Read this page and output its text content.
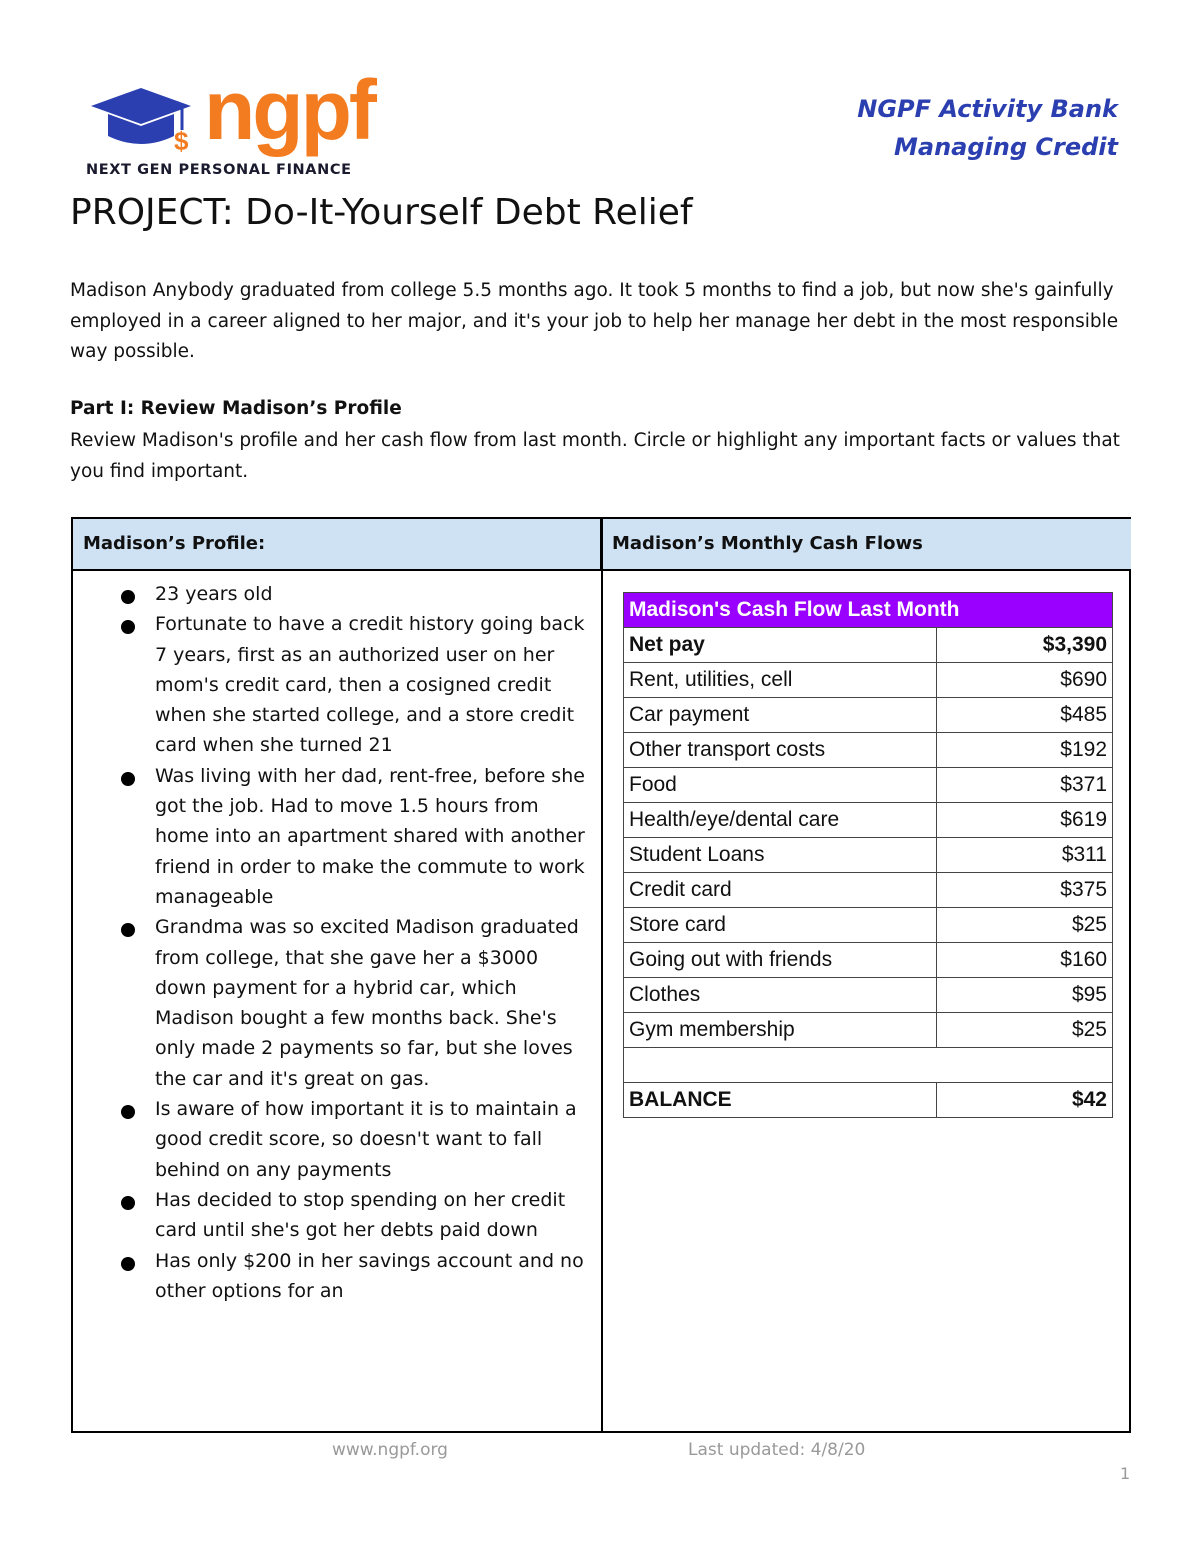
$ ngpf
NEXT GEN PERSONAL FINANCE
NGPF Activity Bank
Managing Credit
PROJECT: Do-It-Yourself Debt Relief

Madison Anybody graduated from college 5.5 months ago. It took 5 months to find a job, but now she's gainfully employed in a career aligned to her major, and it's your job to help her manage her debt in the most responsible way possible.

Part I: Review Madison’s Profile

Review Madison's profile and her cash flow from last month. Circle or highlight any important facts or values that you find important.

Madison’s Profile:	Madison’s Monthly Cash Flows
23 years old
Fortunate to have a credit history going back 7 years, first as an authorized user on her mom's credit card, then a cosigned credit when she started college, and a store credit card when she turned 21
Was living with her dad, rent-free, before she got the job. Had to move 1.5 hours from home into an apartment shared with another friend in order to make the commute to work manageable
Grandma was so excited Madison graduated from college, that she gave her a $3000 down payment for a hybrid car, which Madison bought a few months back. She's only made 2 payments so far, but she loves the car and it's great on gas.
Is aware of how important it is to maintain a good credit score, so doesn't want to fall behind on any payments
Has decided to stop spending on her credit card until she's got her debts paid down
Has only $200 in her savings account and no other options for an
Madison's Cash Flow Last Month	
Net pay	$3,390
Rent, utilities, cell	$690
Car payment	$485
Other transport costs	$192
Food	$371
Health/eye/dental care	$619
Student Loans	$311
Credit card	$375
Store card	$25
Going out with friends	$160
Clothes	$95
Gym membership	$25

BALANCE	$42
www.ngpf.org	Last updated: 4/8/20
1
